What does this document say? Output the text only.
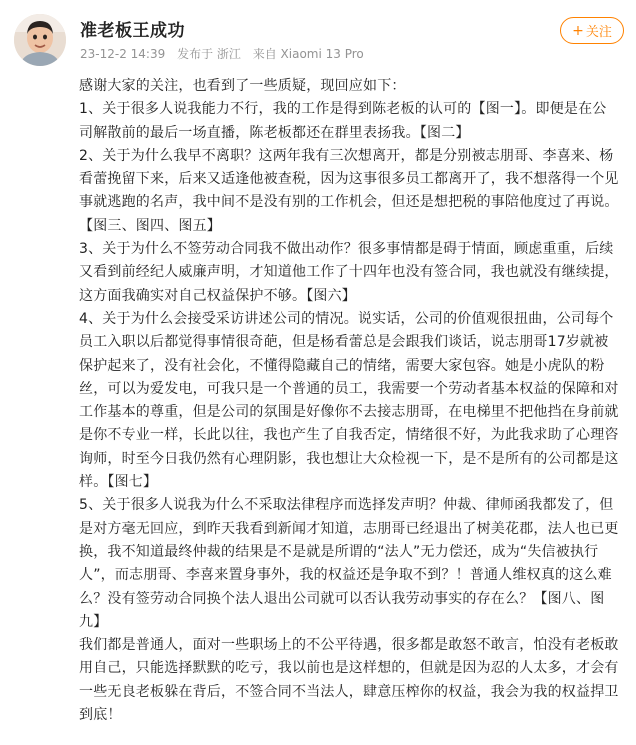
准老板王成功
23-12-2 14:39 发布于 浙江 来自 Xiaomi 13 Pro
+ 关注

感谢大家的关注，也看到了一些质疑，现回应如下：

1、关于很多人说我能力不行，我的工作是得到陈老板的认可的【图一】。即便是在公司解散前的最后一场直播，陈老板都还在群里表扬我。【图二】

2、关于为什么我早不离职？这两年我有三次想离开，都是分别被志朋哥、李喜来、杨看蕾挽留下来，后来又适逢他被查税，因为这事很多员工都离开了，我不想落得一个见事就逃跑的名声，我中间不是没有别的工作机会，但还是想把税的事陪他度过了再说。【图三、图四、图五】

3、关于为什么不签劳动合同我不做出动作？很多事情都是碍于情面，顾虑重重，后续又看到前经纪人威廉声明，才知道他工作了十四年也没有签合同，我也就没有继续提，这方面我确实对自己权益保护不够。【图六】

4、关于为什么会接受采访讲述公司的情况。说实话，公司的价值观很扭曲，公司每个员工入职以后都觉得事情很奇葩，但是杨看蕾总是会跟我们谈话，说志朋哥17岁就被保护起来了，没有社会化，不懂得隐藏自己的情绪，需要大家包容。她是小虎队的粉丝，可以为爱发电，可我只是一个普通的员工，我需要一个劳动者基本权益的保障和对工作基本的尊重，但是公司的氛围是好像你不去接志朋哥，在电梯里不把他挡在身前就是你不专业一样，长此以往，我也产生了自我否定，情绪很不好，为此我求助了心理咨询师，时至今日我仍然有心理阴影，我也想让大众检视一下，是不是所有的公司都是这样。【图七】

5、关于很多人说我为什么不采取法律程序而选择发声明？仲裁、律师函我都发了，但是对方毫无回应，到昨天我看到新闻才知道，志朋哥已经退出了树美花郡，法人也已更换，我不知道最终仲裁的结果是不是就是所谓的“法人”无力偿还，成为“失信被执行人”，而志朋哥、李喜来置身事外，我的权益还是争取不到？！普通人维权真的这么难么？没有签劳动合同换个法人退出公司就可以否认我劳动事实的存在么？【图八、图九】

我们都是普通人，面对一些职场上的不公平待遇，很多都是敢怒不敢言，怕没有老板敢用自己，只能选择默默的吃亏，我以前也是这样想的，但就是因为忍的人太多，才会有一些无良老板躲在背后，不签合同不当法人，肆意压榨你的权益，我会为我的权益捍卫到底！
